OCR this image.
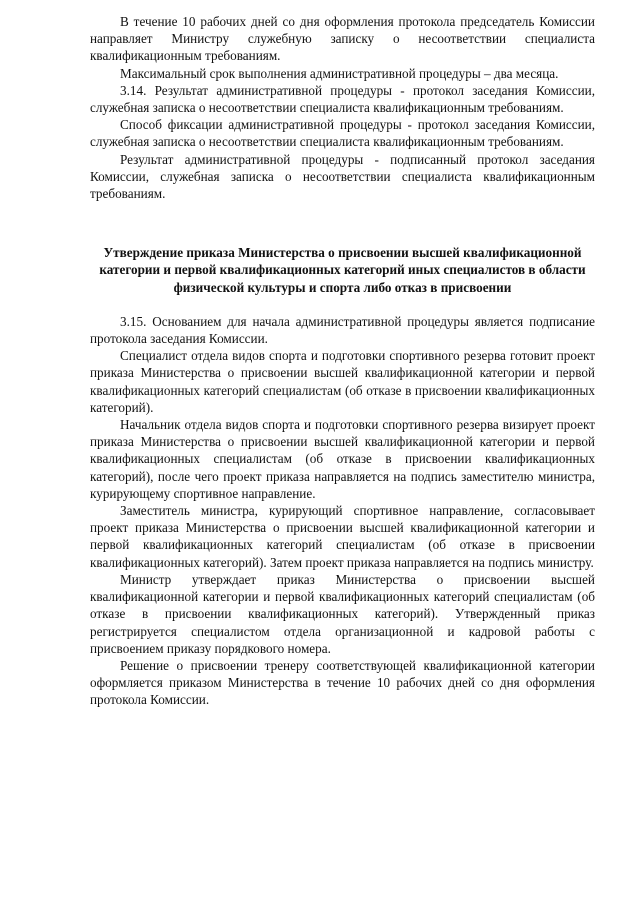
В течение 10 рабочих дней со дня оформления протокола председатель Комиссии направляет Министру служебную записку о несоответствии специалиста квалификационным требованиям.

Максимальный срок выполнения административной процедуры – два месяца.

3.14. Результат административной процедуры - протокол заседания Комиссии, служебная записка о несоответствии специалиста квалификационным требованиям.

Способ фиксации административной процедуры - протокол заседания Комиссии, служебная записка о несоответствии специалиста квалификационным требованиям.

Результат административной процедуры - подписанный протокол заседания Комиссии, служебная записка о несоответствии специалиста квалификационным требованиям.

Утверждение приказа Министерства о присвоении высшей квалификационной категории и первой квалификационных категорий иных специалистов в области физической культуры и спорта либо отказ в присвоении

3.15. Основанием для начала административной процедуры является подписание протокола заседания Комиссии.

Специалист отдела видов спорта и подготовки спортивного резерва готовит проект приказа Министерства о присвоении высшей квалификационной категории и первой квалификационных категорий специалистам (об отказе в присвоении квалификационных категорий).

Начальник отдела видов спорта и подготовки спортивного резерва визирует проект приказа Министерства о присвоении высшей квалификационной категории и первой квалификационных специалистам (об отказе в присвоении квалификационных категорий), после чего проект приказа направляется на подпись заместителю министра, курирующему спортивное направление.

Заместитель министра, курирующий спортивное направление, согласовывает проект приказа Министерства о присвоении высшей квалификационной категории и первой квалификационных категорий специалистам (об отказе в присвоении квалификационных категорий). Затем проект приказа направляется на подпись министру.

Министр утверждает приказ Министерства о присвоении высшей квалификационной категории и первой квалификационных категорий специалистам (об отказе в присвоении квалификационных категорий). Утвержденный приказ регистрируется специалистом отдела организационной и кадровой работы с присвоением приказу порядкового номера.

Решение о присвоении тренеру соответствующей квалификационной категории оформляется приказом Министерства в течение 10 рабочих дней со дня оформления протокола Комиссии.
